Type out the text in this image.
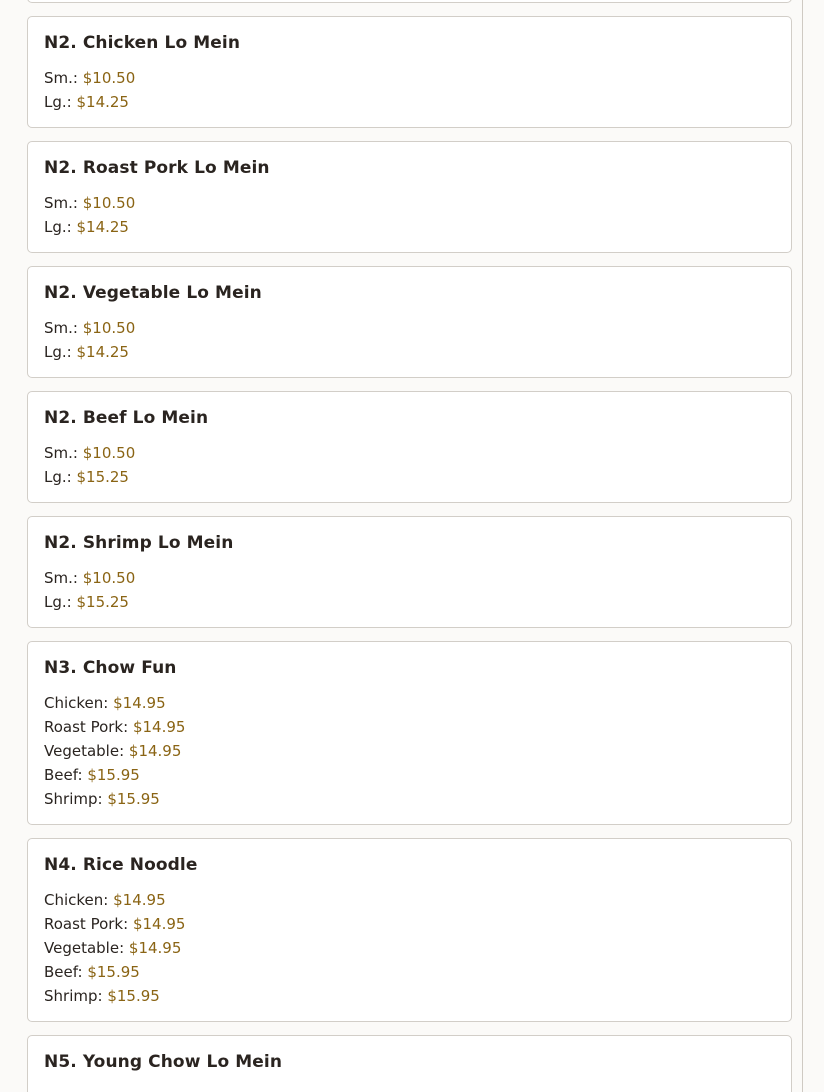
N2. Chicken Lo Mein
Sm.: $10.50
Lg.: $14.25
N2. Roast Pork Lo Mein
Sm.: $10.50
Lg.: $14.25
N2. Vegetable Lo Mein
Sm.: $10.50
Lg.: $14.25
N2. Beef Lo Mein
Sm.: $10.50
Lg.: $15.25
N2. Shrimp Lo Mein
Sm.: $10.50
Lg.: $15.25
N3. Chow Fun
Chicken: $14.95
Roast Pork: $14.95
Vegetable: $14.95
Beef: $15.95
Shrimp: $15.95
N4. Rice Noodle
Chicken: $14.95
Roast Pork: $14.95
Vegetable: $14.95
Beef: $15.95
Shrimp: $15.95
N5. Young Chow Lo Mein
